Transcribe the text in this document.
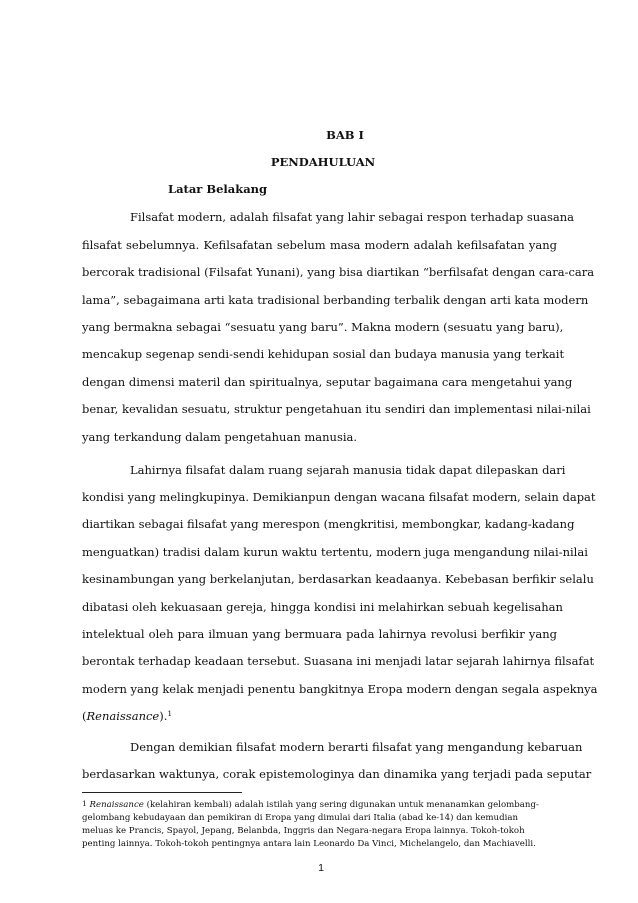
BAB I
PENDAHULUAN
Latar Belakang
Filsafat modern, adalah filsafat yang lahir sebagai respon terhadap suasana
filsafat sebelumnya. Kefilsafatan sebelum masa modern adalah kefilsafatan yang
bercorak tradisional (Filsafat Yunani), yang bisa diartikan “berfilsafat dengan cara-cara
lama”, sebagaimana arti kata tradisional berbanding terbalik dengan arti kata modern
yang bermakna sebagai “sesuatu yang baru”. Makna modern (sesuatu yang baru),
mencakup segenap sendi-sendi kehidupan sosial dan budaya manusia yang terkait
dengan dimensi materil dan spiritualnya, seputar bagaimana cara mengetahui yang
benar, kevalidan sesuatu, struktur pengetahuan itu sendiri dan implementasi nilai-nilai
yang terkandung dalam pengetahuan manusia.
Lahirnya filsafat dalam ruang sejarah manusia tidak dapat dilepaskan dari
kondisi yang melingkupinya. Demikianpun dengan wacana filsafat modern, selain dapat
diartikan sebagai filsafat yang merespon (mengkritisi, membongkar, kadang-kadang
menguatkan) tradisi dalam kurun waktu tertentu, modern juga mengandung nilai-nilai
kesinambungan yang berkelanjutan, berdasarkan keadaanya. Kebebasan berfikir selalu
dibatasi oleh kekuasaan gereja, hingga kondisi ini melahirkan sebuah kegelisahan
intelektual oleh para ilmuan yang bermuara pada lahirnya revolusi berfikir yang
berontak terhadap keadaan tersebut. Suasana ini menjadi latar sejarah lahirnya filsafat
modern yang kelak menjadi penentu bangkitnya Eropa modern dengan segala aspeknya
(Renaissance).$^1$
Dengan demikian filsafat modern berarti filsafat yang mengandung kebaruan
berdasarkan waktunya, corak epistemologinya dan dinamika yang terjadi pada seputar
$^1$ Renaissance (kelahiran kembali) adalah istilah yang sering digunakan untuk menanamkan gelombang-
gelombang kebudayaan dan pemikiran di Eropa yang dimulai dari Italia (abad ke-14) dan kemudian
meluas ke Prancis, Spayol, Jepang, Belanbda, Inggris dan Negara-negara Eropa lainnya. Tokoh-tokoh
penting lainnya. Tokoh-tokoh pentingnya antara lain Leonardo Da Vinci, Michelangelo, dan Machiavelli.
1
